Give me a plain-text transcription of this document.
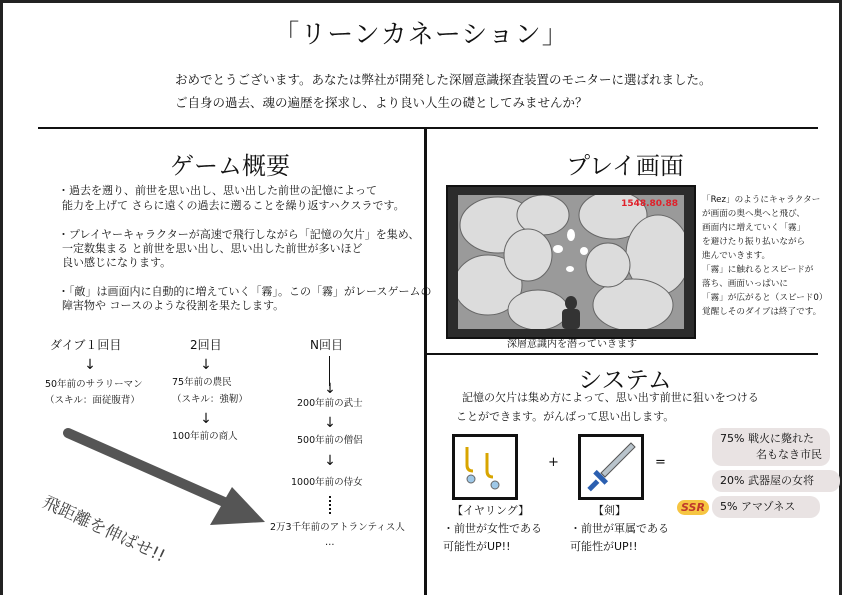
「リーンカネーション」
おめでとうございます。あなたは弊社が開発した深層意識探査装置のモニターに選ばれました。
ご自身の過去、魂の遍歴を探求し、より良い人生の礎としてみませんか？
ゲーム概要
・過去を遡り、前世を思い出し、思い出した前世の記憶によって
能力を上げて さらに遠くの過去に遡ることを繰り返すハクスラです。
・プレイヤーキャラクターが高速で飛行しながら「記憶の欠片」を集め、
一定数集まる と前世を思い出し、思い出した前世が多いほど
良い感じになります。
・「敵」は画面内に自動的に増えていく「霧」。この「霧」がレースゲームの
障害物や コースのような役割を果たします。
ダイブ１回目
↓
50年前のサラリーマン
（スキル：面従腹背）
2回目
↓
75年前の農民
（スキル：強靭）
↓
100年前の商人
N回目
↓
200年前の武士
↓
500年前の僧侶
↓
1000年前の侍女
2万3千年前のアトランティス人
…
飛距離を伸ばせ!!
プレイ画面
1548.80.88
深層意識内を潜っていきます
「Rez」のようにキャラクター
が画面の奥へ奥へと飛び、
画面内に増えていく「霧」
を避けたり振り払いながら
進んでいきます。
「霧」に触れるとスピードが
落ち、画面いっぱいに
「霧」が広がると（スピード0）
覚醒しそのダイブは終了です。
システム
記憶の欠片は集め方によって、思い出す前世に狙いをつける
ことができます。がんばって思い出します。
【イヤリング】
・前世が女性である
可能性がUP!!
+
【剣】
・前世が軍属である
可能性がUP!!
=
75% 戦火に斃れた
名もなき市民
20% 武器屋の女将
SSR	5% アマゾネス
